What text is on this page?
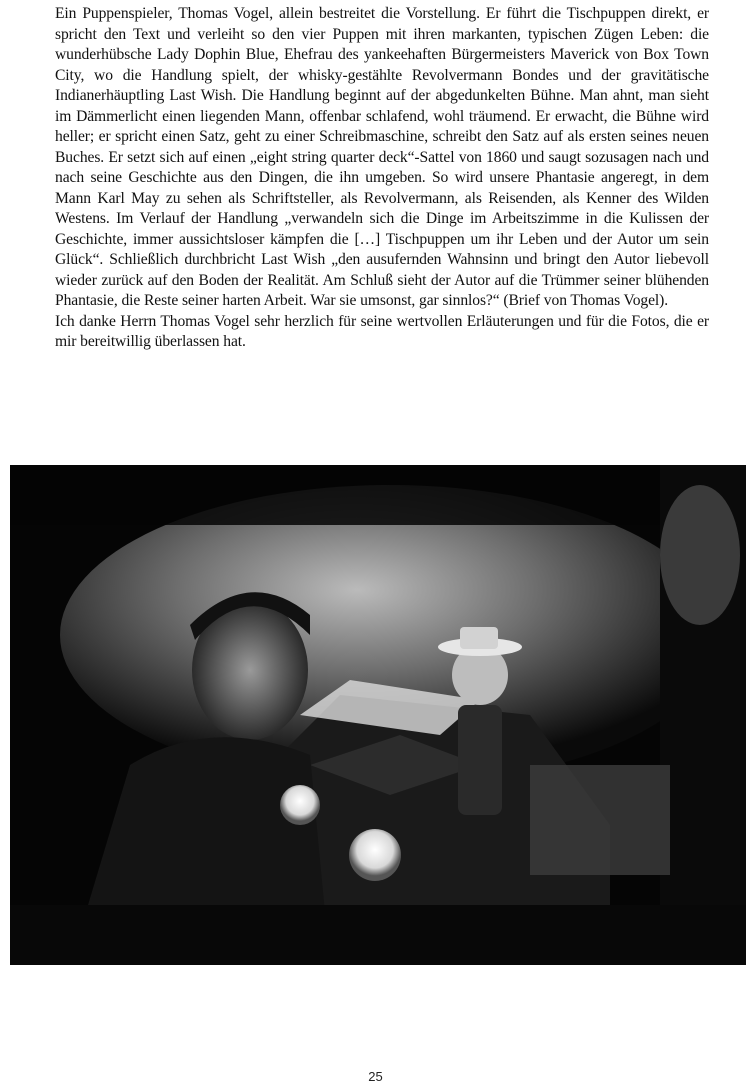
Ein Puppenspieler, Thomas Vogel, allein bestreitet die Vorstellung. Er führt die Tischpuppen direkt, er spricht den Text und verleiht so den vier Puppen mit ihren markanten, typischen Zügen Leben: die wunderhübsche Lady Dophin Blue, Ehefrau des yankeehaften Bürgermeisters Maverick von Box Town City, wo die Handlung spielt, der whisky-gestählte Revolvermann Bondes und der gravitätische Indianerhäuptling Last Wish. Die Handlung beginnt auf der abgedunkelten Bühne. Man ahnt, man sieht im Dämmerlicht einen liegenden Mann, offenbar schlafend, wohl träumend. Er erwacht, die Bühne wird heller; er spricht einen Satz, geht zu einer Schreibmaschine, schreibt den Satz auf als ersten seines neuen Buches. Er setzt sich auf einen „eight string quarter deck“-Sattel von 1860 und saugt sozusagen nach und nach seine Geschichte aus den Dingen, die ihn umgeben. So wird unsere Phantasie angeregt, in dem Mann Karl May zu sehen als Schriftsteller, als Revolvermann, als Reisenden, als Kenner des Wilden Westens. Im Verlauf der Handlung „verwandeln sich die Dinge im Arbeitszimme in die Kulissen der Geschichte, immer aussichtsloser kämpfen die […] Tischpuppen um ihr Leben und der Autor um sein Glück“. Schließlich durchbricht Last Wish „den ausufernden Wahnsinn und bringt den Autor liebevoll wieder zurück auf den Boden der Realität. Am Schluß sieht der Autor auf die Trümmer seiner blühenden Phantasie, die Reste seiner harten Arbeit. War sie umsonst, gar sinnlos?“ (Brief von Thomas Vogel).

Ich danke Herrn Thomas Vogel sehr herzlich für seine wertvollen Erläuterungen und für die Fotos, die er mir bereitwillig überlassen hat.

25
